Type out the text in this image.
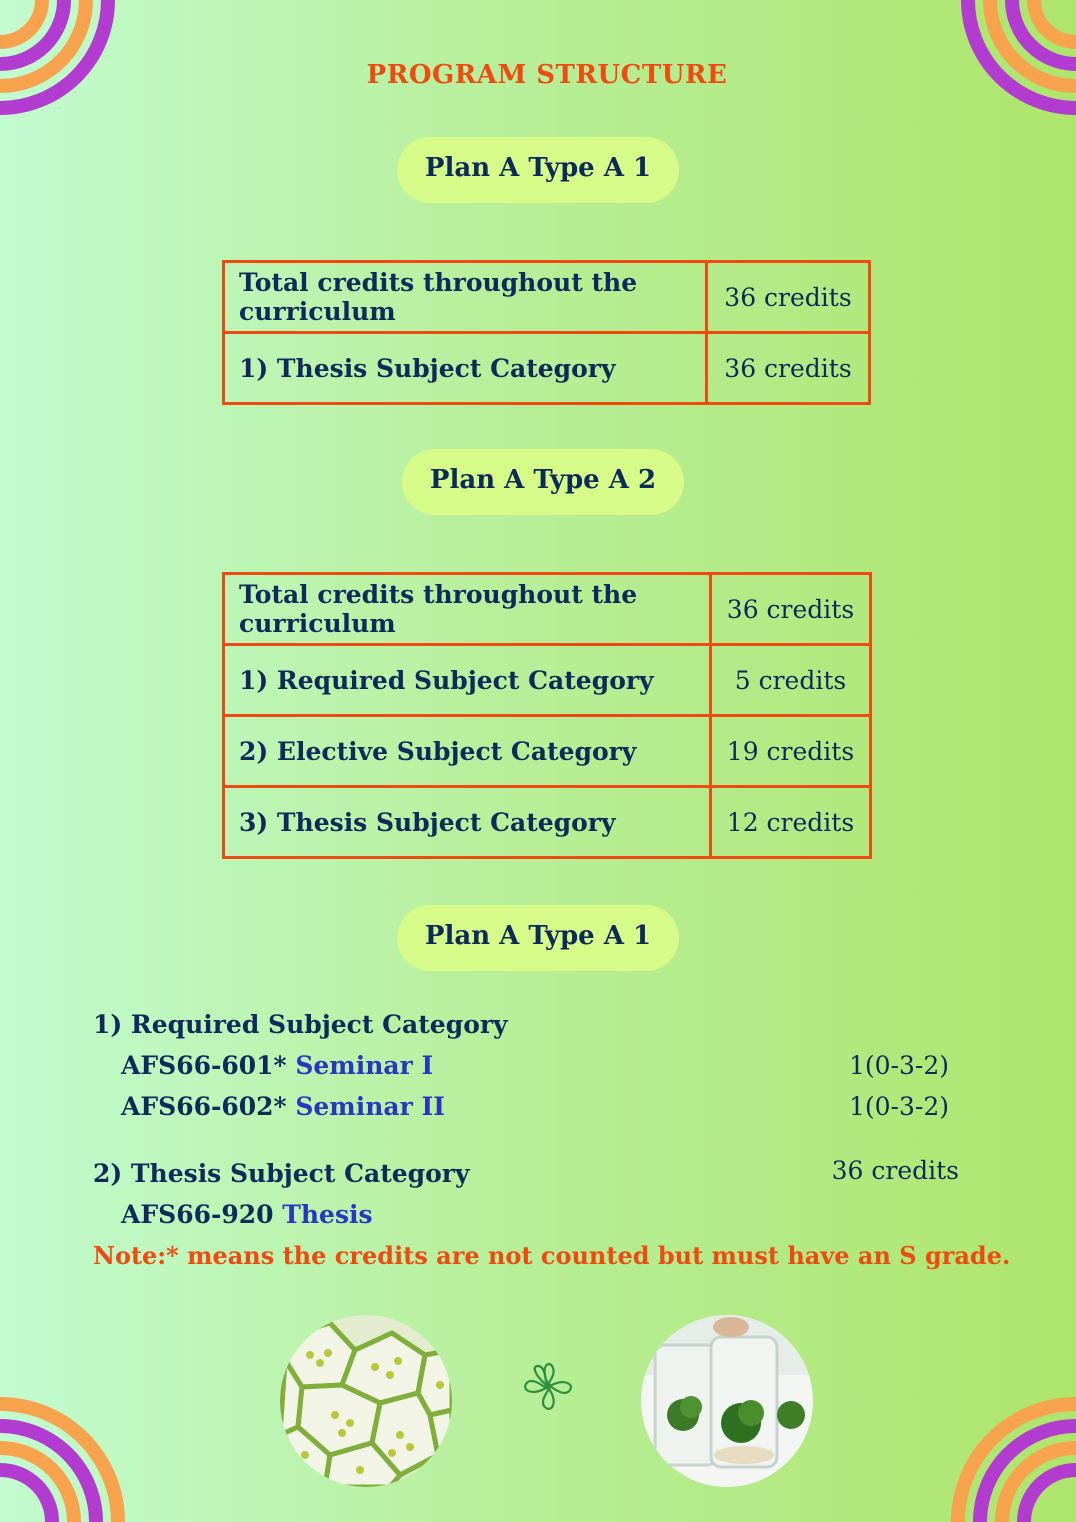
PROGRAM STRUCTURE
Plan A Type A 1
Total credits throughout the curriculum	36 credits
1) Thesis Subject Category	36 credits
Plan A Type A 2
Total credits throughout the curriculum	36 credits
1) Required Subject Category	5 credits
2) Elective Subject Category	19 credits
3) Thesis Subject Category	12 credits
Plan A Type A 1
1) Required Subject Category
AFS66-601* Seminar I	1(0-3-2)
AFS66-602* Seminar II	1(0-3-2)
2) Thesis Subject Category	36 credits
AFS66-920 Thesis
Note:* means the credits are not counted but must have an S grade.
